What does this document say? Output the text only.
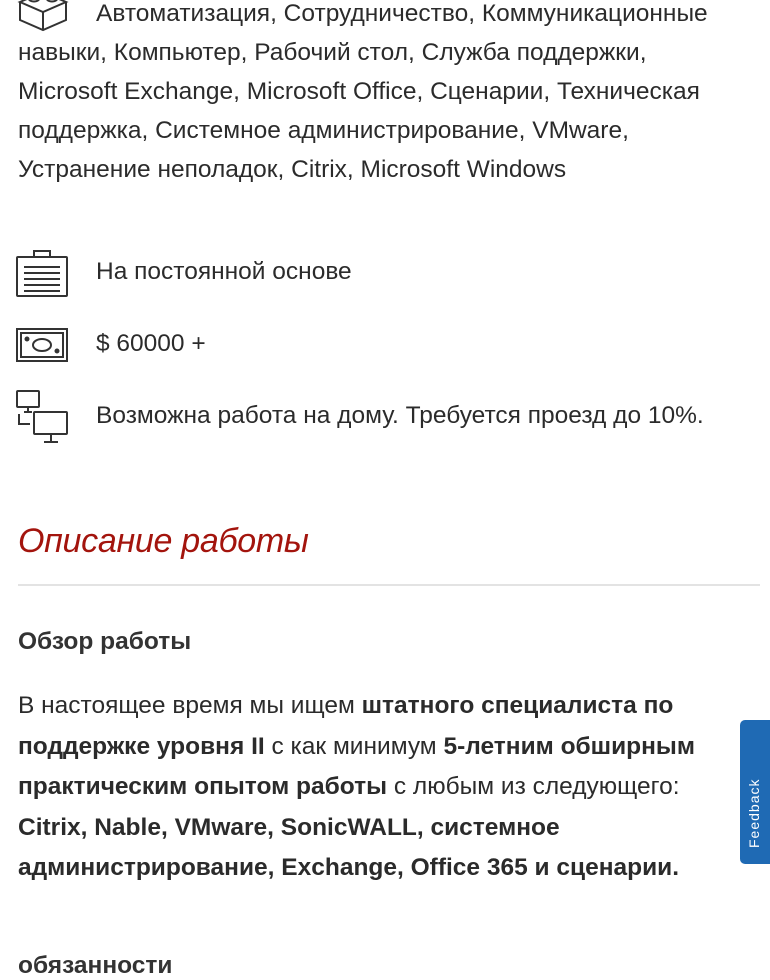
Автоматизация, Сотрудничество, Коммуникационные навыки, Компьютер, Рабочий стол, Служба поддержки, Microsoft Exchange, Microsoft Office, Сценарии, Техническая поддержка, Системное администрирование, VMware, Устранение неполадок, Citrix, Microsoft Windows
На постоянной основе
$ 60000 +
Возможна работа на дому. Требуется проезд до 10%.
Описание работы
Обзор работы
В настоящее время мы ищем штатного специалиста по поддержке уровня II с как минимум 5-летним обширным практическим опытом работы с любым из следующего: Citrix, Nable, VMware, SonicWALL, системное администрирование, Exchange, Office 365 и сценарии.
обязанности
Feedback
